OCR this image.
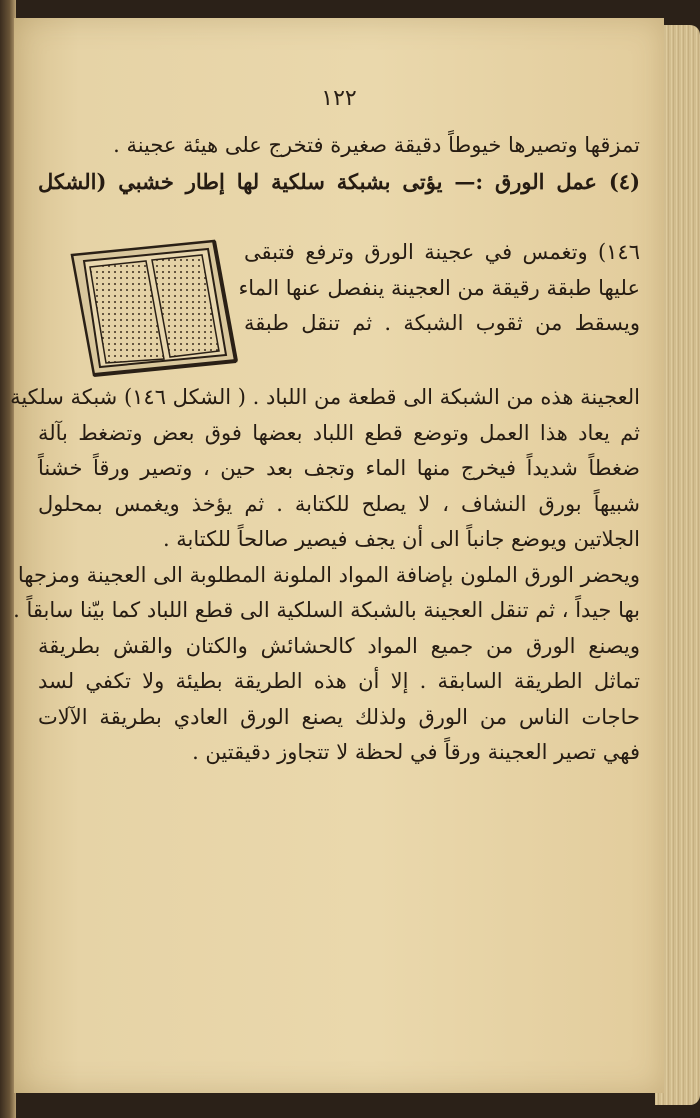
١٢٢
تمزقها وتصيرها خيوطاً دقيقة صغيرة فتخرج على هيئة عجينة .
(٤) عمل الورق :— يؤتى بشبكة سلكية لها إطار خشبي (الشكل
١٤٦) وتغمس في عجينة الورق وترفع فتبقى
عليها طبقة رقيقة من العجينة ينفصل عنها الماء
ويسقط من ثقوب الشبكة . ثم تنقل طبقة
العجينة هذه من الشبكة الى قطعة من اللباد . ( الشكل ١٤٦) شبكة سلكية
ثم يعاد هذا العمل وتوضع قطع اللباد بعضها فوق بعض وتضغط بآلة
ضغطاً شديداً فيخرج منها الماء وتجف بعد حين ، وتصير ورقاً خشناً
شبيهاً بورق النشاف ، لا يصلح للكتابة . ثم يؤخذ ويغمس بمحلول
الجلاتين ويوضع جانباً الى أن يجف فيصير صالحاً للكتابة .
ويحضر الورق الملون بإضافة المواد الملونة المطلوبة الى العجينة ومزجها
بها جيداً ، ثم تنقل العجينة بالشبكة السلكية الى قطع اللباد كما بيّنا سابقاً .
ويصنع الورق من جميع المواد كالحشائش والكتان والقش بطريقة
تماثل الطريقة السابقة . إلا أن هذه الطريقة بطيئة ولا تكفي لسد
حاجات الناس من الورق ولذلك يصنع الورق العادي بطريقة الآلات
فهي تصير العجينة ورقاً في لحظة لا تتجاوز دقيقتين .
